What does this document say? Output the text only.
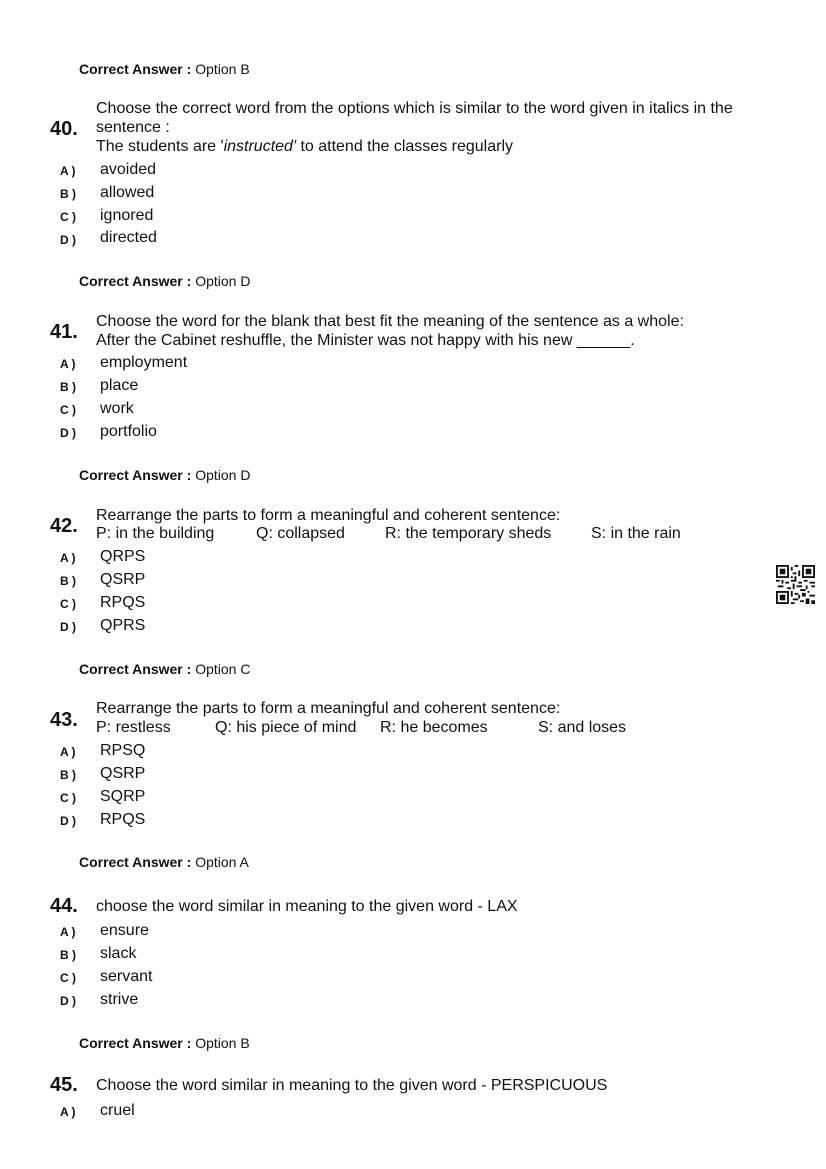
Correct Answer : Option B
40.
Choose the correct word from the options which is similar to the word given in italics in the
sentence :
The students are 'instructed' to attend the classes regularly
A ) avoided
B ) allowed
C ) ignored
D ) directed
Correct Answer : Option D
41. Choose the word for the blank that best fit the meaning of the sentence as a whole:
After the Cabinet reshuffle, the Minister was not happy with his new ______.
A ) employment
B ) place
C ) work
D ) portfolio
Correct Answer : Option D
42. Rearrange the parts to form a meaningful and coherent sentence:
P: in the building	Q: collapsed	R: the temporary sheds S: in the rain
A ) QRPS
B ) QSRP
C ) RPQS
D ) QPRS
Correct Answer : Option C
43.
Rearrange the parts to form a meaningful and coherent sentence:
P: restless	Q: his piece of mind R: he becomes	S: and loses
A ) RPSQ
B ) QSRP
C ) SQRP
D ) RPQS
Correct Answer : Option A
44. choose the word similar in meaning to the given word - LAX
A ) ensure
B ) slack
C ) servant
D ) strive
Correct Answer : Option B
45. Choose the word similar in meaning to the given word - PERSPICUOUS
A ) cruel
